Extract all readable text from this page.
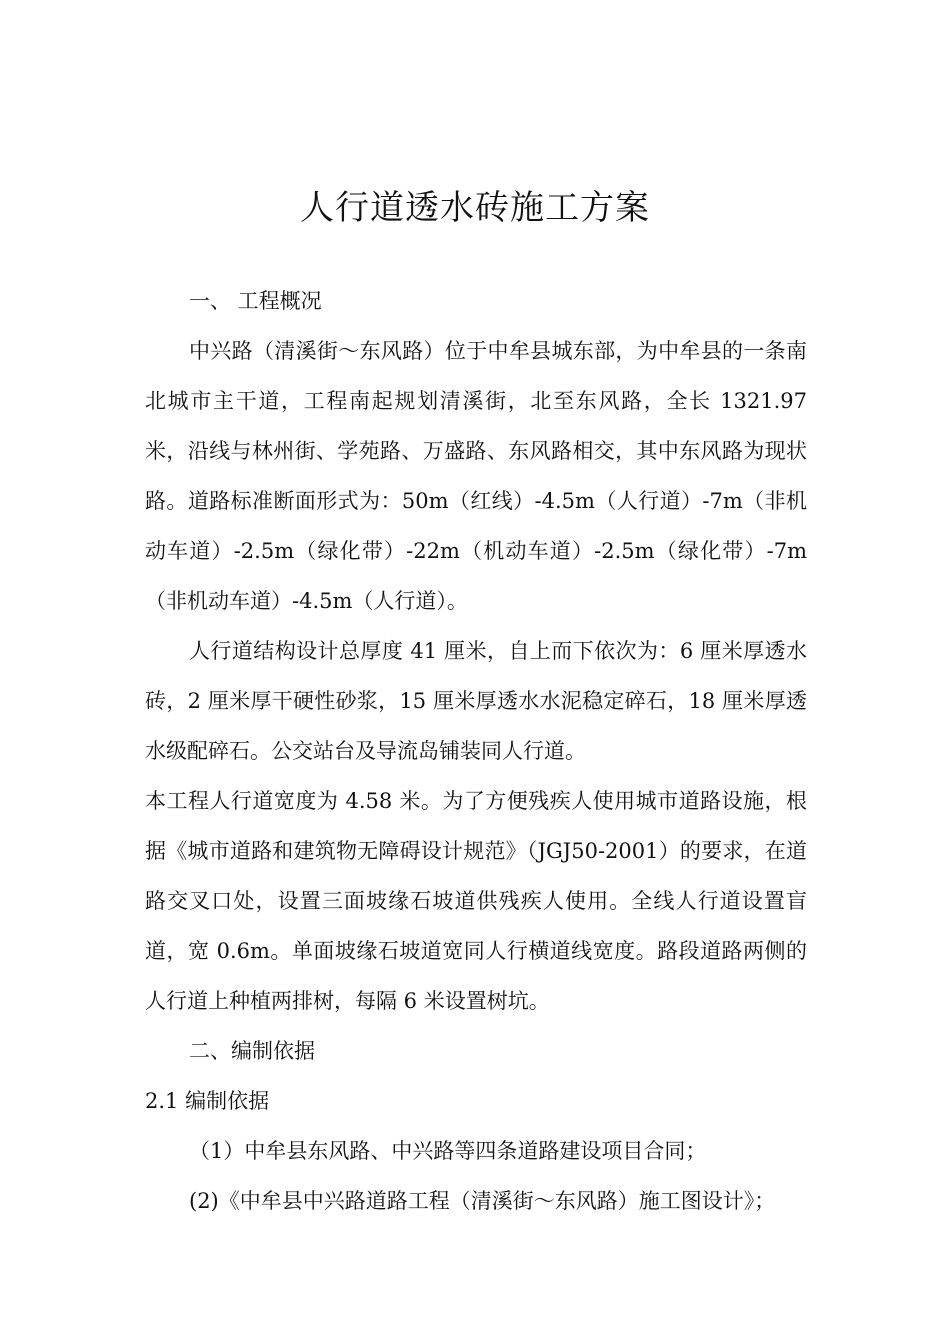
人行道透水砖施工方案

一、 工程概况

中兴路（清溪街～东风路）位于中牟县城东部，为中牟县的一条南北城市主干道，工程南起规划清溪街，北至东风路，全长 1321.97 米，沿线与林州街、学苑路、万盛路、东风路相交，其中东风路为现状路。道路标准断面形式为：50m（红线）-4.5m（人行道）-7m（非机动车道）-2.5m（绿化带）-22m（机动车道）-2.5m（绿化带）-7m（非机动车道）-4.5m（人行道）。

人行道结构设计总厚度 41 厘米，自上而下依次为：6 厘米厚透水砖，2 厘米厚干硬性砂浆，15 厘米厚透水水泥稳定碎石，18 厘米厚透水级配碎石。公交站台及导流岛铺装同人行道。

本工程人行道宽度为 4.58 米。为了方便残疾人使用城市道路设施，根据《城市道路和建筑物无障碍设计规范》（JGJ50-2001）的要求，在道路交叉口处，设置三面坡缘石坡道供残疾人使用。全线人行道设置盲道，宽 0.6m。单面坡缘石坡道宽同人行横道线宽度。路段道路两侧的人行道上种植两排树，每隔 6 米设置树坑。

二、编制依据

2.1 编制依据

（1）中牟县东风路、中兴路等四条道路建设项目合同；

(2)《中牟县中兴路道路工程（清溪街～东风路）施工图设计》；
